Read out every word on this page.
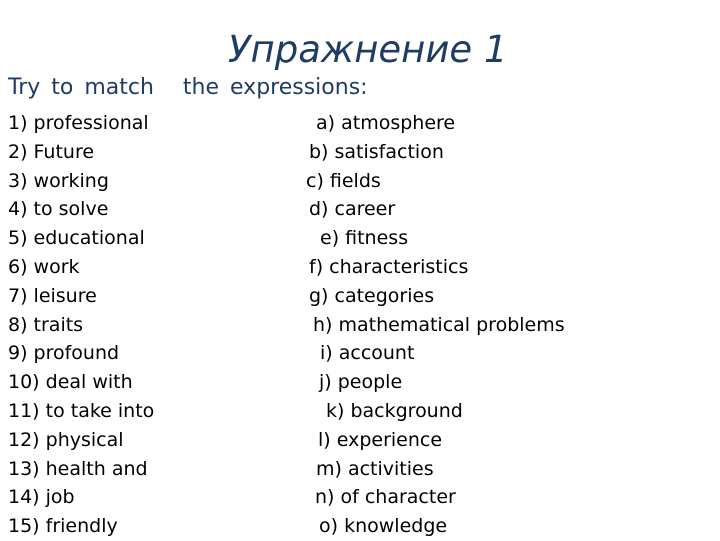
Упражнение 1
Try to match the expressions:
1) professional
2) Future
3) working
4) to solve
5) educational
6) work
7) leisure
8) traits
9) profound
10) deal with
11) to take into
12) physical
13) health and
14) job
15) friendly
a) atmosphere
b) satisfaction
c) fields
d) career
e) fitness
f) characteristics
g) categories
h) mathematical problems
i) account
j) people
k) background
l) experience
m) activities
n) of character
o) knowledge
